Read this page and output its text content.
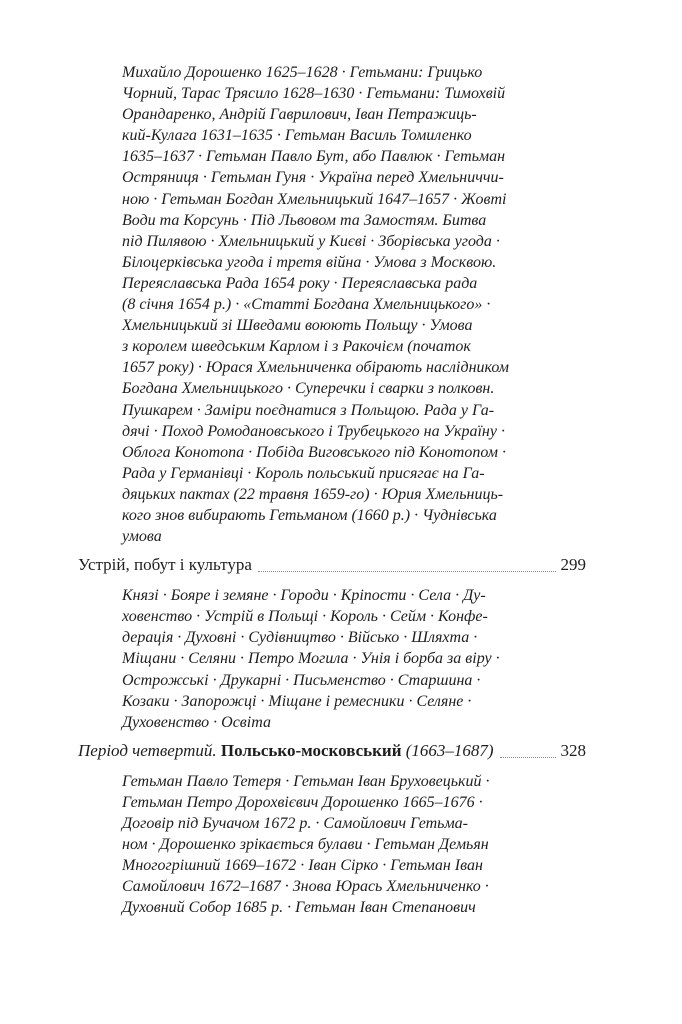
Михайло Дорошенко 1625–1628 · Гетьмани: Грицько
Чорний, Тарас Трясило 1628–1630 · Гетьмани: Тимохвій
Орандаренко, Андрій Гаврилович, Іван Петражиць-
кий-Кулага 1631–1635 · Гетьман Василь Томиленко
1635–1637 · Гетьман Павло Бут, або Павлюк · Гетьман
Остряниця · Гетьман Гуня · Україна перед Хмельниччи-
ною · Гетьман Богдан Хмельницький 1647–1657 · Жовті
Води та Корсунь · Під Львовом та Замостям. Битва
під Пилявою · Хмельницький у Києві · Зборівська угода ·
Білоцерківська угода і третя війна · Умова з Москвою.
Переяславська Рада 1654 року · Переяславська рада
(8 січня 1654 р.) · «Статті Богдана Хмельницького» ·
Хмельницький зі Шведами воюють Польщу · Умова
з королем шведським Карлом і з Ракочієм (початок
1657 року) · Юрася Хмельниченка обірають наслідником
Богдана Хмельницького · Суперечки і сварки з полковн.
Пушкарем · Заміри поєднатися з Польщою. Рада у Га-
дячі · Поход Ромодановського і Трубецького на Україну ·
Облога Конотопа · Побіда Виговського під Конотопом ·
Рада у Германівці · Король польський присягає на Га-
дяцьких пактах (22 травня 1659-го) · Юрия Хмельниць-
кого знов вибирають Гетьманом (1660 р.) · Чуднівська
умова
Устрій, побут і культура	299
Князі · Бояре і земяне · Городи · Кріпости · Села · Ду-
ховенство · Устрій в Польщі · Король · Сейм · Конфе-
дерація · Духовні · Судівництво · Військо · Шляхта ·
Міщани · Селяни · Петро Могила · Унія і борба за віру ·
Острожські · Друкарні · Письменство · Старшина ·
Козаки · Запорожці · Міщане і ремесники · Селяне ·
Духовенство · Освіта
Період четвертий. Польсько-московський (1663–1687)	328
Гетьман Павло Тетеря · Гетьман Іван Бруховецький ·
Гетьман Петро Дорохвієвич Дорошенко 1665–1676 ·
Договір під Бучачом 1672 р. · Самойлович Гетьма-
ном · Дорошенко зрікається булави · Гетьман Демьян
Многогрішний 1669–1672 · Іван Сірко · Гетьман Іван
Самойлович 1672–1687 · Знова Юрась Хмельниченко ·
Духовний Собор 1685 р. · Гетьман Іван Степанович
